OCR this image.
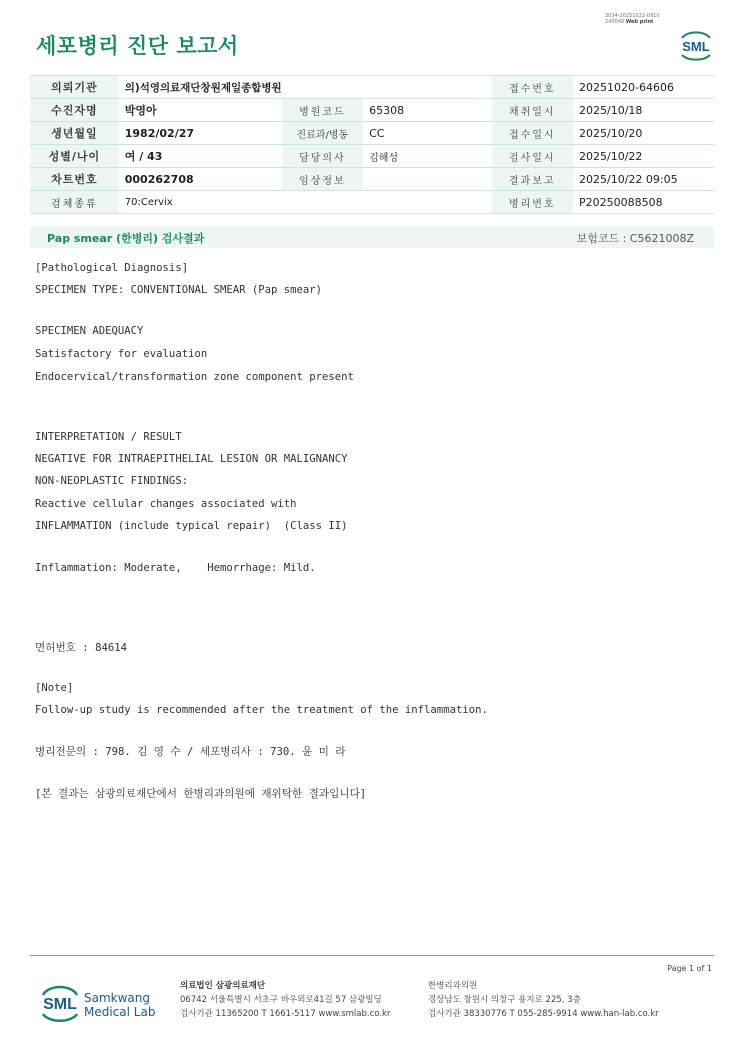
세포병리 진단 보고서
3034-20251022-0910
240048 Web print
SML
의뢰기관	의)석영의료재단창원제일종합병원			접수번호	20251020-64606
수진자명	박영아	병원코드	65308	채취일시	2025/10/18
생년월일	1982/02/27	진료과/병동	CC	접수일시	2025/10/20
성별/나이	여 / 43	담당의사	김해성	검사일시	2025/10/22
차트번호	000262708	임상정보		결과보고	2025/10/22 09:05
검체종류	70:Cervix			병리번호	P20250088508
Pap smear (한병리) 검사결과	보험코드 : C5621008Z

[Pathological Diagnosis]

SPECIMEN TYPE: CONVENTIONAL SMEAR (Pap smear)

SPECIMEN ADEQUACY

Satisfactory for evaluation

Endocervical/transformation zone component present

INTERPRETATION / RESULT

NEGATIVE FOR INTRAEPITHELIAL LESION OR MALIGNANCY

NON-NEOPLASTIC FINDINGS:

Reactive cellular changes associated with

INFLAMMATION (include typical repair)  (Class II)

Inflammation: Moderate,    Hemorrhage: Mild.

면허번호 : 84614

[Note]

Follow-up study is recommended after the treatment of the inflammation.

병리전문의 : 798. 김 영 수 / 세포병리사 : 730. 윤 미 라

[본 결과는 삼광의료재단에서 한병리과의원에 재위탁한 결과입니다]

Page 1 of 1
SML Samkwang
Medical Lab
의료법인 삼광의료재단
06742 서울특별시 서초구 바우뫼로41길 57 삼광빌딩
검사기관 11365200 T 1661-5117 www.smlab.co.kr
한병리과의원
경상남도 창원시 의창구 용지로 225, 3층
검사기관 38330776 T 055-285-9914 www.han-lab.co.kr
